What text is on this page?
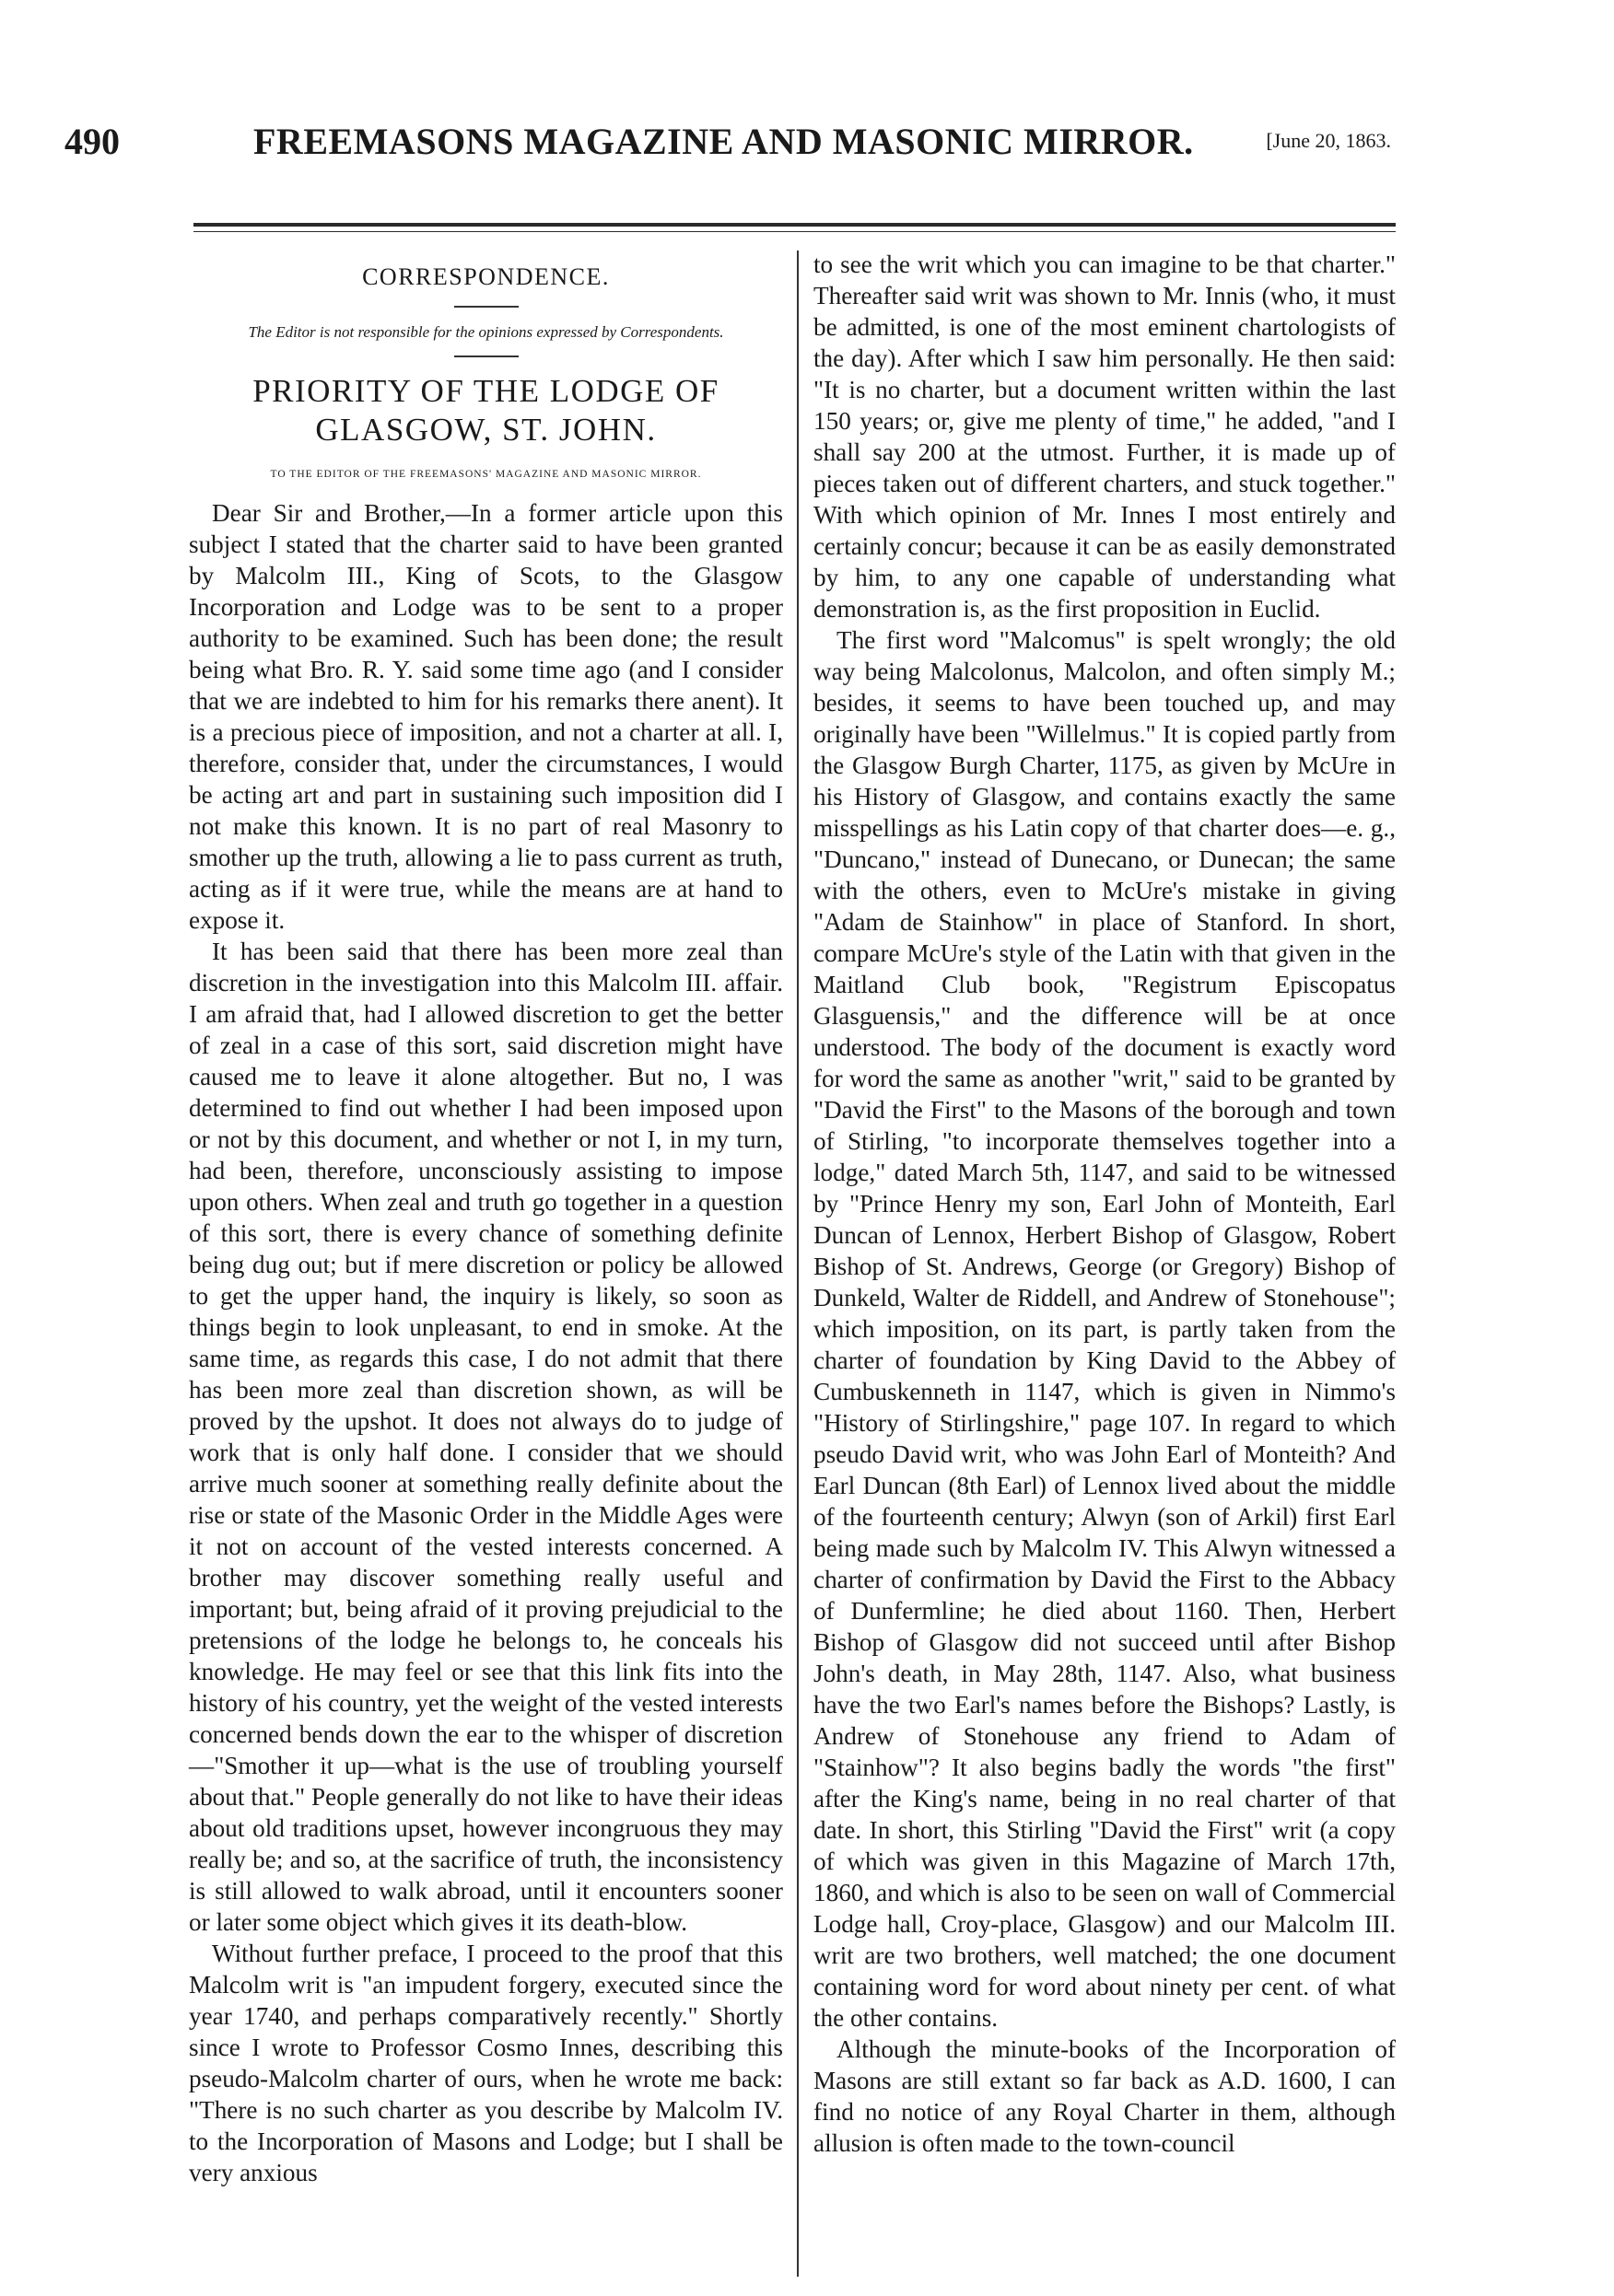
490	FREEMASONS MAGAZINE AND MASONIC MIRROR.	[June 20, 1863.
CORRESPONDENCE.
The Editor is not responsible for the opinions expressed by Correspondents.
PRIORITY OF THE LODGE OF GLASGOW, ST. JOHN.
TO THE EDITOR OF THE FREEMASONS' MAGAZINE AND MASONIC MIRROR.

Dear Sir and Brother,—In a former article upon this subject I stated that the charter said to have been granted by Malcolm III., King of Scots, to the Glasgow Incorporation and Lodge was to be sent to a proper authority to be examined. Such has been done; the result being what Bro. R. Y. said some time ago (and I consider that we are indebted to him for his remarks there anent). It is a precious piece of imposition, and not a charter at all. I, therefore, consider that, under the circumstances, I would be acting art and part in sustaining such imposition did I not make this known. It is no part of real Masonry to smother up the truth, allowing a lie to pass current as truth, acting as if it were true, while the means are at hand to expose it.

It has been said that there has been more zeal than discretion in the investigation into this Malcolm III. affair. I am afraid that, had I allowed discretion to get the better of zeal in a case of this sort, said discretion might have caused me to leave it alone altogether. But no, I was determined to find out whether I had been imposed upon or not by this document, and whether or not I, in my turn, had been, therefore, unconsciously assisting to impose upon others. When zeal and truth go together in a question of this sort, there is every chance of something definite being dug out; but if mere discretion or policy be allowed to get the upper hand, the inquiry is likely, so soon as things begin to look unpleasant, to end in smoke. At the same time, as regards this case, I do not admit that there has been more zeal than discretion shown, as will be proved by the upshot. It does not always do to judge of work that is only half done. I consider that we should arrive much sooner at something really definite about the rise or state of the Masonic Order in the Middle Ages were it not on account of the vested interests concerned. A brother may discover something really useful and important; but, being afraid of it proving prejudicial to the pretensions of the lodge he belongs to, he conceals his knowledge. He may feel or see that this link fits into the history of his country, yet the weight of the vested interests concerned bends down the ear to the whisper of discretion—"Smother it up—what is the use of troubling yourself about that." People generally do not like to have their ideas about old traditions upset, however incongruous they may really be; and so, at the sacrifice of truth, the inconsistency is still allowed to walk abroad, until it encounters sooner or later some object which gives it its death-blow.

Without further preface, I proceed to the proof that this Malcolm writ is "an impudent forgery, executed since the year 1740, and perhaps comparatively recently." Shortly since I wrote to Professor Cosmo Innes, describing this pseudo-Malcolm charter of ours, when he wrote me back: "There is no such charter as you describe by Malcolm IV. to the Incorporation of Masons and Lodge; but I shall be very anxious

to see the writ which you can imagine to be that charter." Thereafter said writ was shown to Mr. Innis (who, it must be admitted, is one of the most eminent chartologists of the day). After which I saw him personally. He then said: "It is no charter, but a document written within the last 150 years; or, give me plenty of time," he added, "and I shall say 200 at the utmost. Further, it is made up of pieces taken out of different charters, and stuck together." With which opinion of Mr. Innes I most entirely and certainly concur; because it can be as easily demonstrated by him, to any one capable of understanding what demonstration is, as the first proposition in Euclid.

The first word "Malcomus" is spelt wrongly; the old way being Malcolonus, Malcolon, and often simply M.; besides, it seems to have been touched up, and may originally have been "Willelmus." It is copied partly from the Glasgow Burgh Charter, 1175, as given by McUre in his History of Glasgow, and contains exactly the same misspellings as his Latin copy of that charter does—e. g., "Duncano," instead of Dunecano, or Dunecan; the same with the others, even to McUre's mistake in giving "Adam de Stainhow" in place of Stanford. In short, compare McUre's style of the Latin with that given in the Maitland Club book, "Registrum Episcopatus Glasguensis," and the difference will be at once understood. The body of the document is exactly word for word the same as another "writ," said to be granted by "David the First" to the Masons of the borough and town of Stirling, "to incorporate themselves together into a lodge," dated March 5th, 1147, and said to be witnessed by "Prince Henry my son, Earl John of Monteith, Earl Duncan of Lennox, Herbert Bishop of Glasgow, Robert Bishop of St. Andrews, George (or Gregory) Bishop of Dunkeld, Walter de Riddell, and Andrew of Stonehouse"; which imposition, on its part, is partly taken from the charter of foundation by King David to the Abbey of Cumbuskenneth in 1147, which is given in Nimmo's "History of Stirlingshire," page 107. In regard to which pseudo David writ, who was John Earl of Monteith? And Earl Duncan (8th Earl) of Lennox lived about the middle of the fourteenth century; Alwyn (son of Arkil) first Earl being made such by Malcolm IV. This Alwyn witnessed a charter of confirmation by David the First to the Abbacy of Dunfermline; he died about 1160. Then, Herbert Bishop of Glasgow did not succeed until after Bishop John's death, in May 28th, 1147. Also, what business have the two Earl's names before the Bishops? Lastly, is Andrew of Stonehouse any friend to Adam of "Stainhow"? It also begins badly the words "the first" after the King's name, being in no real charter of that date. In short, this Stirling "David the First" writ (a copy of which was given in this Magazine of March 17th, 1860, and which is also to be seen on wall of Commercial Lodge hall, Croy-place, Glasgow) and our Malcolm III. writ are two brothers, well matched; the one document containing word for word about ninety per cent. of what the other contains.

Although the minute-books of the Incorporation of Masons are still extant so far back as A.D. 1600, I can find no notice of any Royal Charter in them, although allusion is often made to the town-council
